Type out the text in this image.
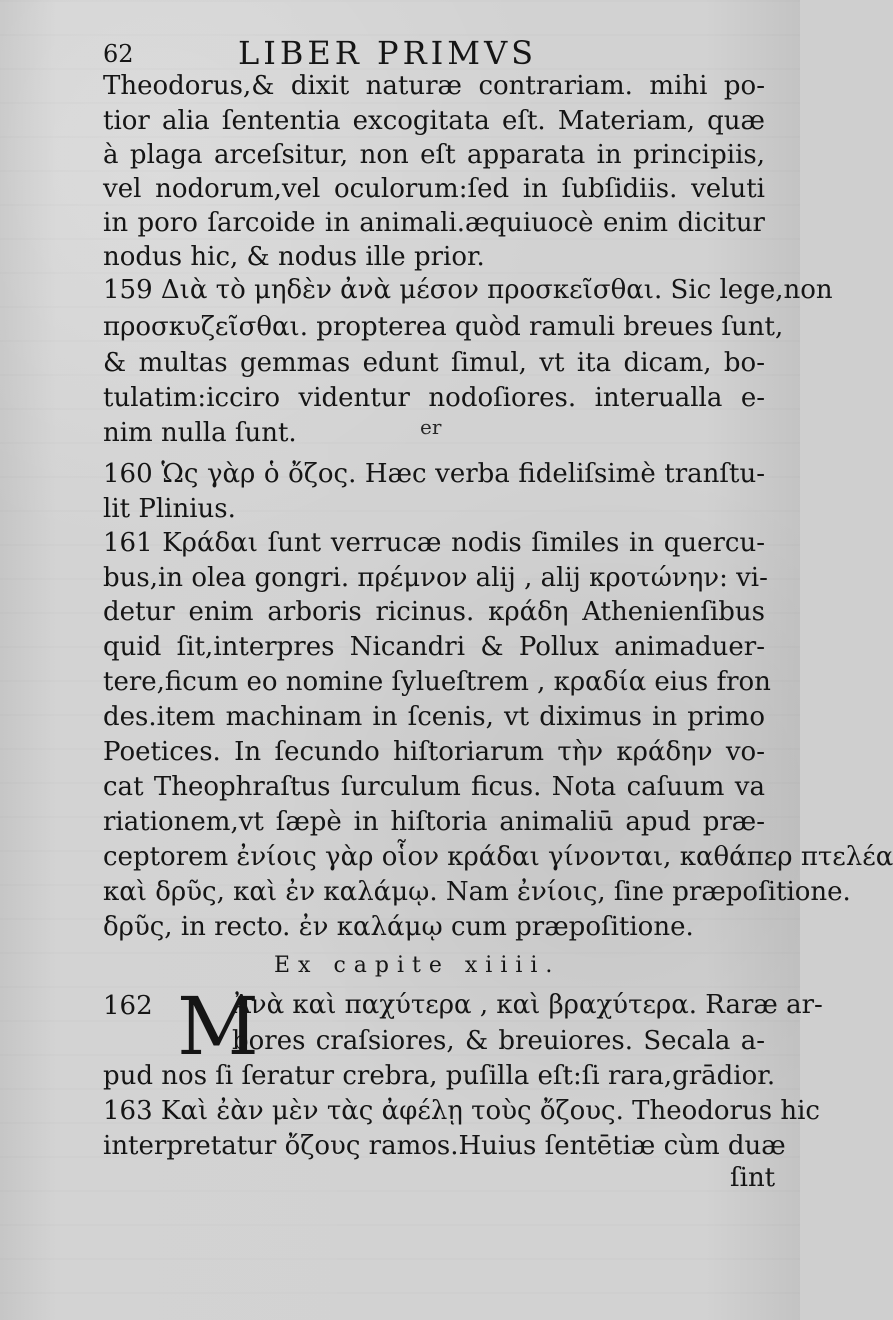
62	LIBER PRIMVS
Theodorus,& dixit naturæ contrariam. mihi po-
tior alia ſententia excogitata eſt. Materiam, quæ
à plaga arceſsitur, non eſt apparata in principiis,
vel nodorum,vel oculorum:ſed in ſubſidiis. veluti
in poro ſarcoide in animali.æquiuocè enim dicitur
nodus hic, & nodus ille prior.
159 Διὰ τὸ μηδὲν ἀνὰ μέσον προσκεῖσθαι. Sic lege,non
προσκυζεῖσθαι. propterea quòd ramuli breues ſunt,
& multas gemmas edunt ſimul, vt ita dicam, bo-
tulatim:icciro videntur nodoſiores. interualla e-
nim nulla ſunt.	er
160 Ὡς γὰρ ὁ ὄζος. Hæc verba fideliſsimè tranſtu-
lit Plinius.
161 Κράδαι ſunt verrucæ nodis ſimiles in quercu-
bus,in olea gongri. πρέμνον alij , alij κροτώνην: vi-
detur enim arboris ricinus. κράδη Athenienſibus
quid ſit,interpres Nicandri & Pollux animaduer-
tere,ficum eo nomine ſylueſtrem , κραδία eius fron
des.item machinam in ſcenis, vt diximus in primo
Poetices. In ſecundo hiſtoriarum τὴν κράδην vo-
cat Theophraſtus ſurculum ficus. Nota caſuum va
riationem,vt ſæpè in hiſtoria animaliū apud præ-
ceptorem ἐνίοις γὰρ οἷον κράδαι γίνονται, καθάπερ πτελέα
καὶ δρῦς, καὶ ἐν καλάμῳ. Nam ἐνίοις, ſine præpoſitione.
δρῦς, in recto. ἐν καλάμῳ cum præpoſitione.
Ex capite xiiii.
162 M
Ἀνὰ καὶ παχύτερα , καὶ βραχύτερα. Raræ ar-
bores craſsiores, & breuiores. Secala a-
pud nos ſi ſeratur crebra, puſilla eſt:ſi rara,grādior.
163 Καὶ ἐὰν μὲν τὰς ἀφέλῃ τοὺς ὄζους. Theodorus hic
interpretatur ὄζους ramos.Huius ſentētiæ cùm duæ
ſint
